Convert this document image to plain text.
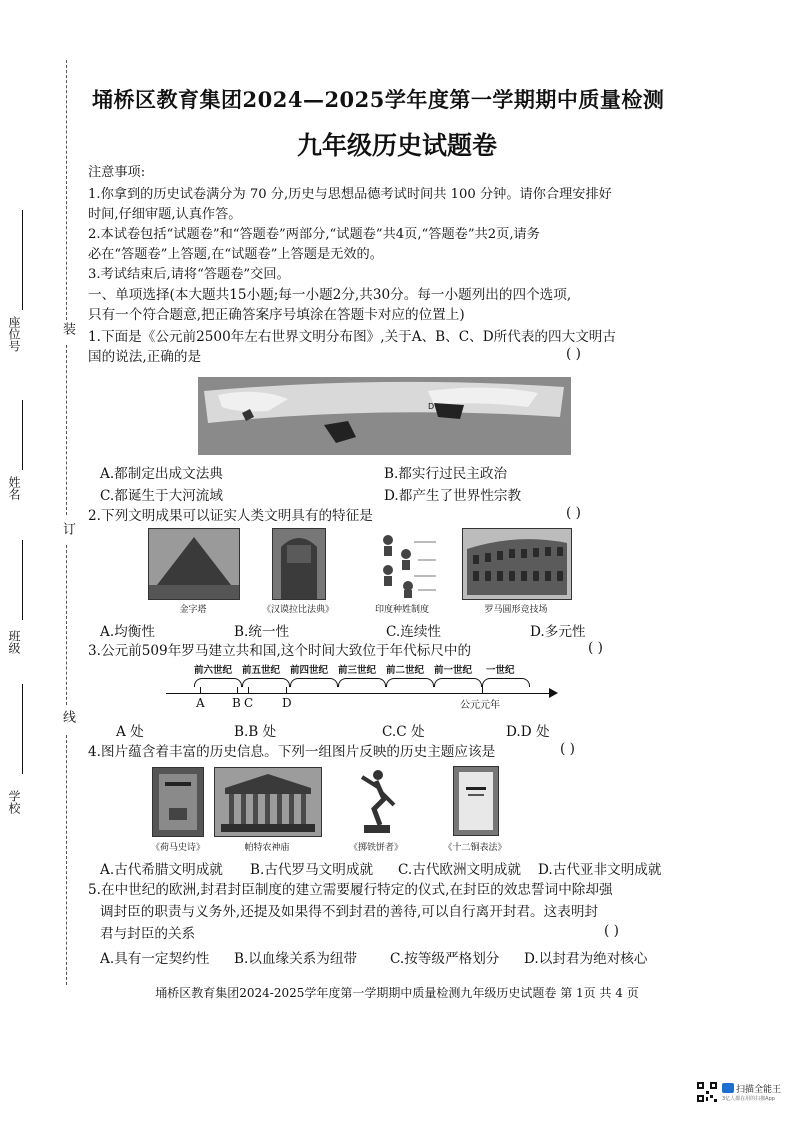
座位号
姓名
班级
学校
装
订
线
埇桥区教育集团2024—2025学年度第一学期期中质量检测
九年级历史试题卷
注意事项:
1.你拿到的历史试卷满分为 70 分,历史与思想品德考试时间共 100 分钟。请你合理安排好
时间,仔细审题,认真作答。
2.本试卷包括“试题卷”和“答题卷”两部分,“试题卷”共4页,“答题卷”共2页,请务
必在“答题卷”上答题,在“试题卷”上答题是无效的。
3.考试结束后,请将“答题卷”交回。
一、单项选择(本大题共15小题;每一小题2分,共30分。每一小题列出的四个选项,
只有一个符合题意,把正确答案序号填涂在答题卡对应的位置上)
1.下面是《公元前2500年左右世界文明分布图》,关于A、B、C、D所代表的四大文明古
国的说法,正确的是	( )
D
A.都制定出成文法典	B.都实行过民主政治
C.都诞生于大河流域	D.都产生了世界性宗教
2.下列文明成果可以证实人类文明具有的特征是	( )
金字塔	《汉谟拉比法典》	印度种姓制度	罗马圆形竞技场
A.均衡性	B.统一性	C.连续性	D.多元性
3.公元前509年罗马建立共和国,这个时间大致位于年代标尺中的	( )
前六世纪 前五世纪 前四世纪 前三世纪 前二世纪 前一世纪 一世纪
A B C D	公元元年
A 处	B.B 处	C.C 处	D.D 处
4.图片蕴含着丰富的历史信息。下列一组图片反映的历史主题应该是	( )
《荷马史诗》	帕特农神庙	《掷铁饼者》	《十二铜表法》
A.古代希腊文明成就 B.古代罗马文明成就 C.古代欧洲文明成就 D.古代亚非文明成就
5.在中世纪的欧洲,封君封臣制度的建立需要履行特定的仪式,在封臣的效忠誓词中除却强
调封臣的职责与义务外,还提及如果得不到封君的善待,可以自行离开封君。这表明封
君与封臣的关系	( )
A.具有一定契约性 B.以血缘关系为纽带 C.按等级严格划分 D.以封君为绝对核心
埇桥区教育集团2024-2025学年度第一学期期中质量检测九年级历史试题卷 第 1页 共 4 页
扫描全能王
3亿人都在用的扫描App
